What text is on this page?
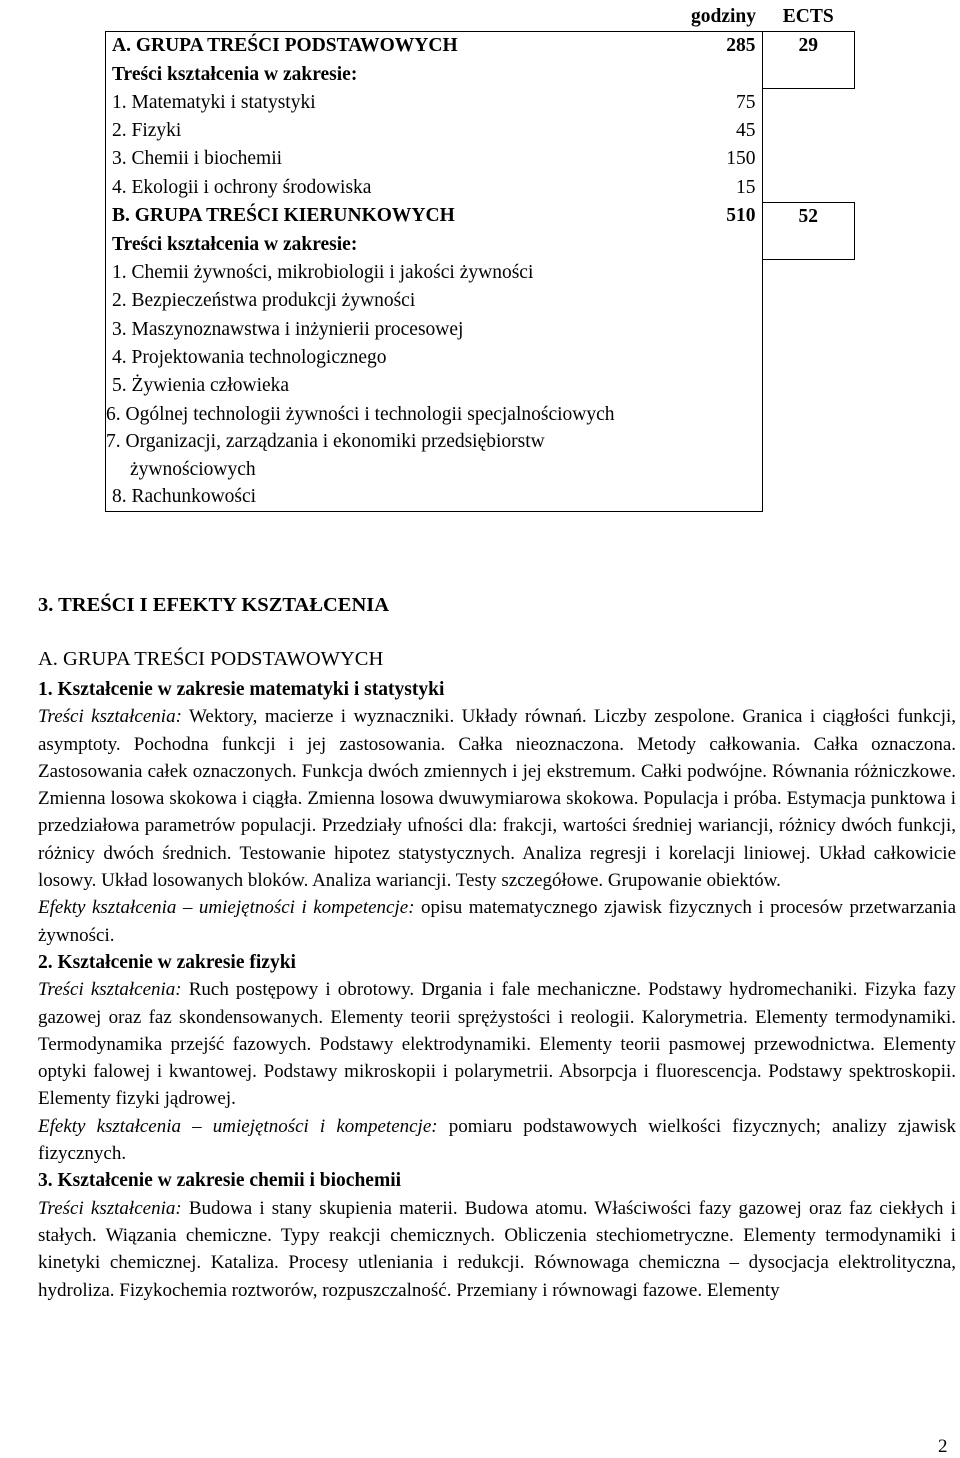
	godziny	ECTS
A. GRUPA TREŚCI PODSTAWOWYCH	285	29
Treści kształcenia w zakresie:		
1. Matematyki i statystyki	75	
2. Fizyki	45	
3. Chemii i biochemii	150	
4. Ekologii i ochrony środowiska	15	
B. GRUPA TREŚCI KIERUNKOWYCH	510	52
Treści kształcenia w zakresie:		
1. Chemii żywności, mikrobiologii i jakości żywności		
2. Bezpieczeństwa produkcji żywności		
3. Maszynoznawstwa i inżynierii procesowej		
4. Projektowania technologicznego		
5. Żywienia człowieka		
6. Ogólnej technologii żywności i technologii specjalnościowych		
7. Organizacji, zarządzania i ekonomiki przedsiębiorstw żywnościowych		
8. Rachunkowości		
3. TREŚCI I EFEKTY KSZTAŁCENIA
A. GRUPA TREŚCI PODSTAWOWYCH

1. Kształcenie w zakresie matematyki i statystyki

Treści kształcenia: Wektory, macierze i wyznaczniki. Układy równań. Liczby zespolone. Granica i ciągłości funkcji, asymptoty. Pochodna funkcji i jej zastosowania. Całka nieoznaczona. Metody całkowania. Całka oznaczona. Zastosowania całek oznaczonych. Funkcja dwóch zmiennych i jej ekstremum. Całki podwójne. Równania różniczkowe. Zmienna losowa skokowa i ciągła. Zmienna losowa dwuwymiarowa skokowa. Populacja i próba. Estymacja punktowa i przedziałowa parametrów populacji. Przedziały ufności dla: frakcji, wartości średniej wariancji, różnicy dwóch funkcji, różnicy dwóch średnich. Testowanie hipotez statystycznych. Analiza regresji i korelacji liniowej. Układ całkowicie losowy. Układ losowanych bloków. Analiza wariancji. Testy szczegółowe. Grupowanie obiektów.

Efekty kształcenia – umiejętności i kompetencje: opisu matematycznego zjawisk fizycznych i procesów przetwarzania żywności.

2. Kształcenie w zakresie fizyki

Treści kształcenia: Ruch postępowy i obrotowy. Drgania i fale mechaniczne. Podstawy hydromechaniki. Fizyka fazy gazowej oraz faz skondensowanych. Elementy teorii sprężystości i reologii. Kalorymetria. Elementy termodynamiki. Termodynamika przejść fazowych. Podstawy elektrodynamiki. Elementy teorii pasmowej przewodnictwa. Elementy optyki falowej i kwantowej. Podstawy mikroskopii i polarymetrii. Absorpcja i fluorescencja. Podstawy spektroskopii. Elementy fizyki jądrowej.

Efekty kształcenia – umiejętności i kompetencje: pomiaru podstawowych wielkości fizycznych; analizy zjawisk fizycznych.

3. Kształcenie w zakresie chemii i biochemii

Treści kształcenia: Budowa i stany skupienia materii. Budowa atomu. Właściwości fazy gazowej oraz faz ciekłych i stałych. Wiązania chemiczne. Typy reakcji chemicznych. Obliczenia stechiometryczne. Elementy termodynamiki i kinetyki chemicznej. Kataliza. Procesy utleniania i redukcji. Równowaga chemiczna – dysocjacja elektrolityczna, hydroliza. Fizykochemia roztworów, rozpuszczalność. Przemiany i równowagi fazowe. Elementy

2
